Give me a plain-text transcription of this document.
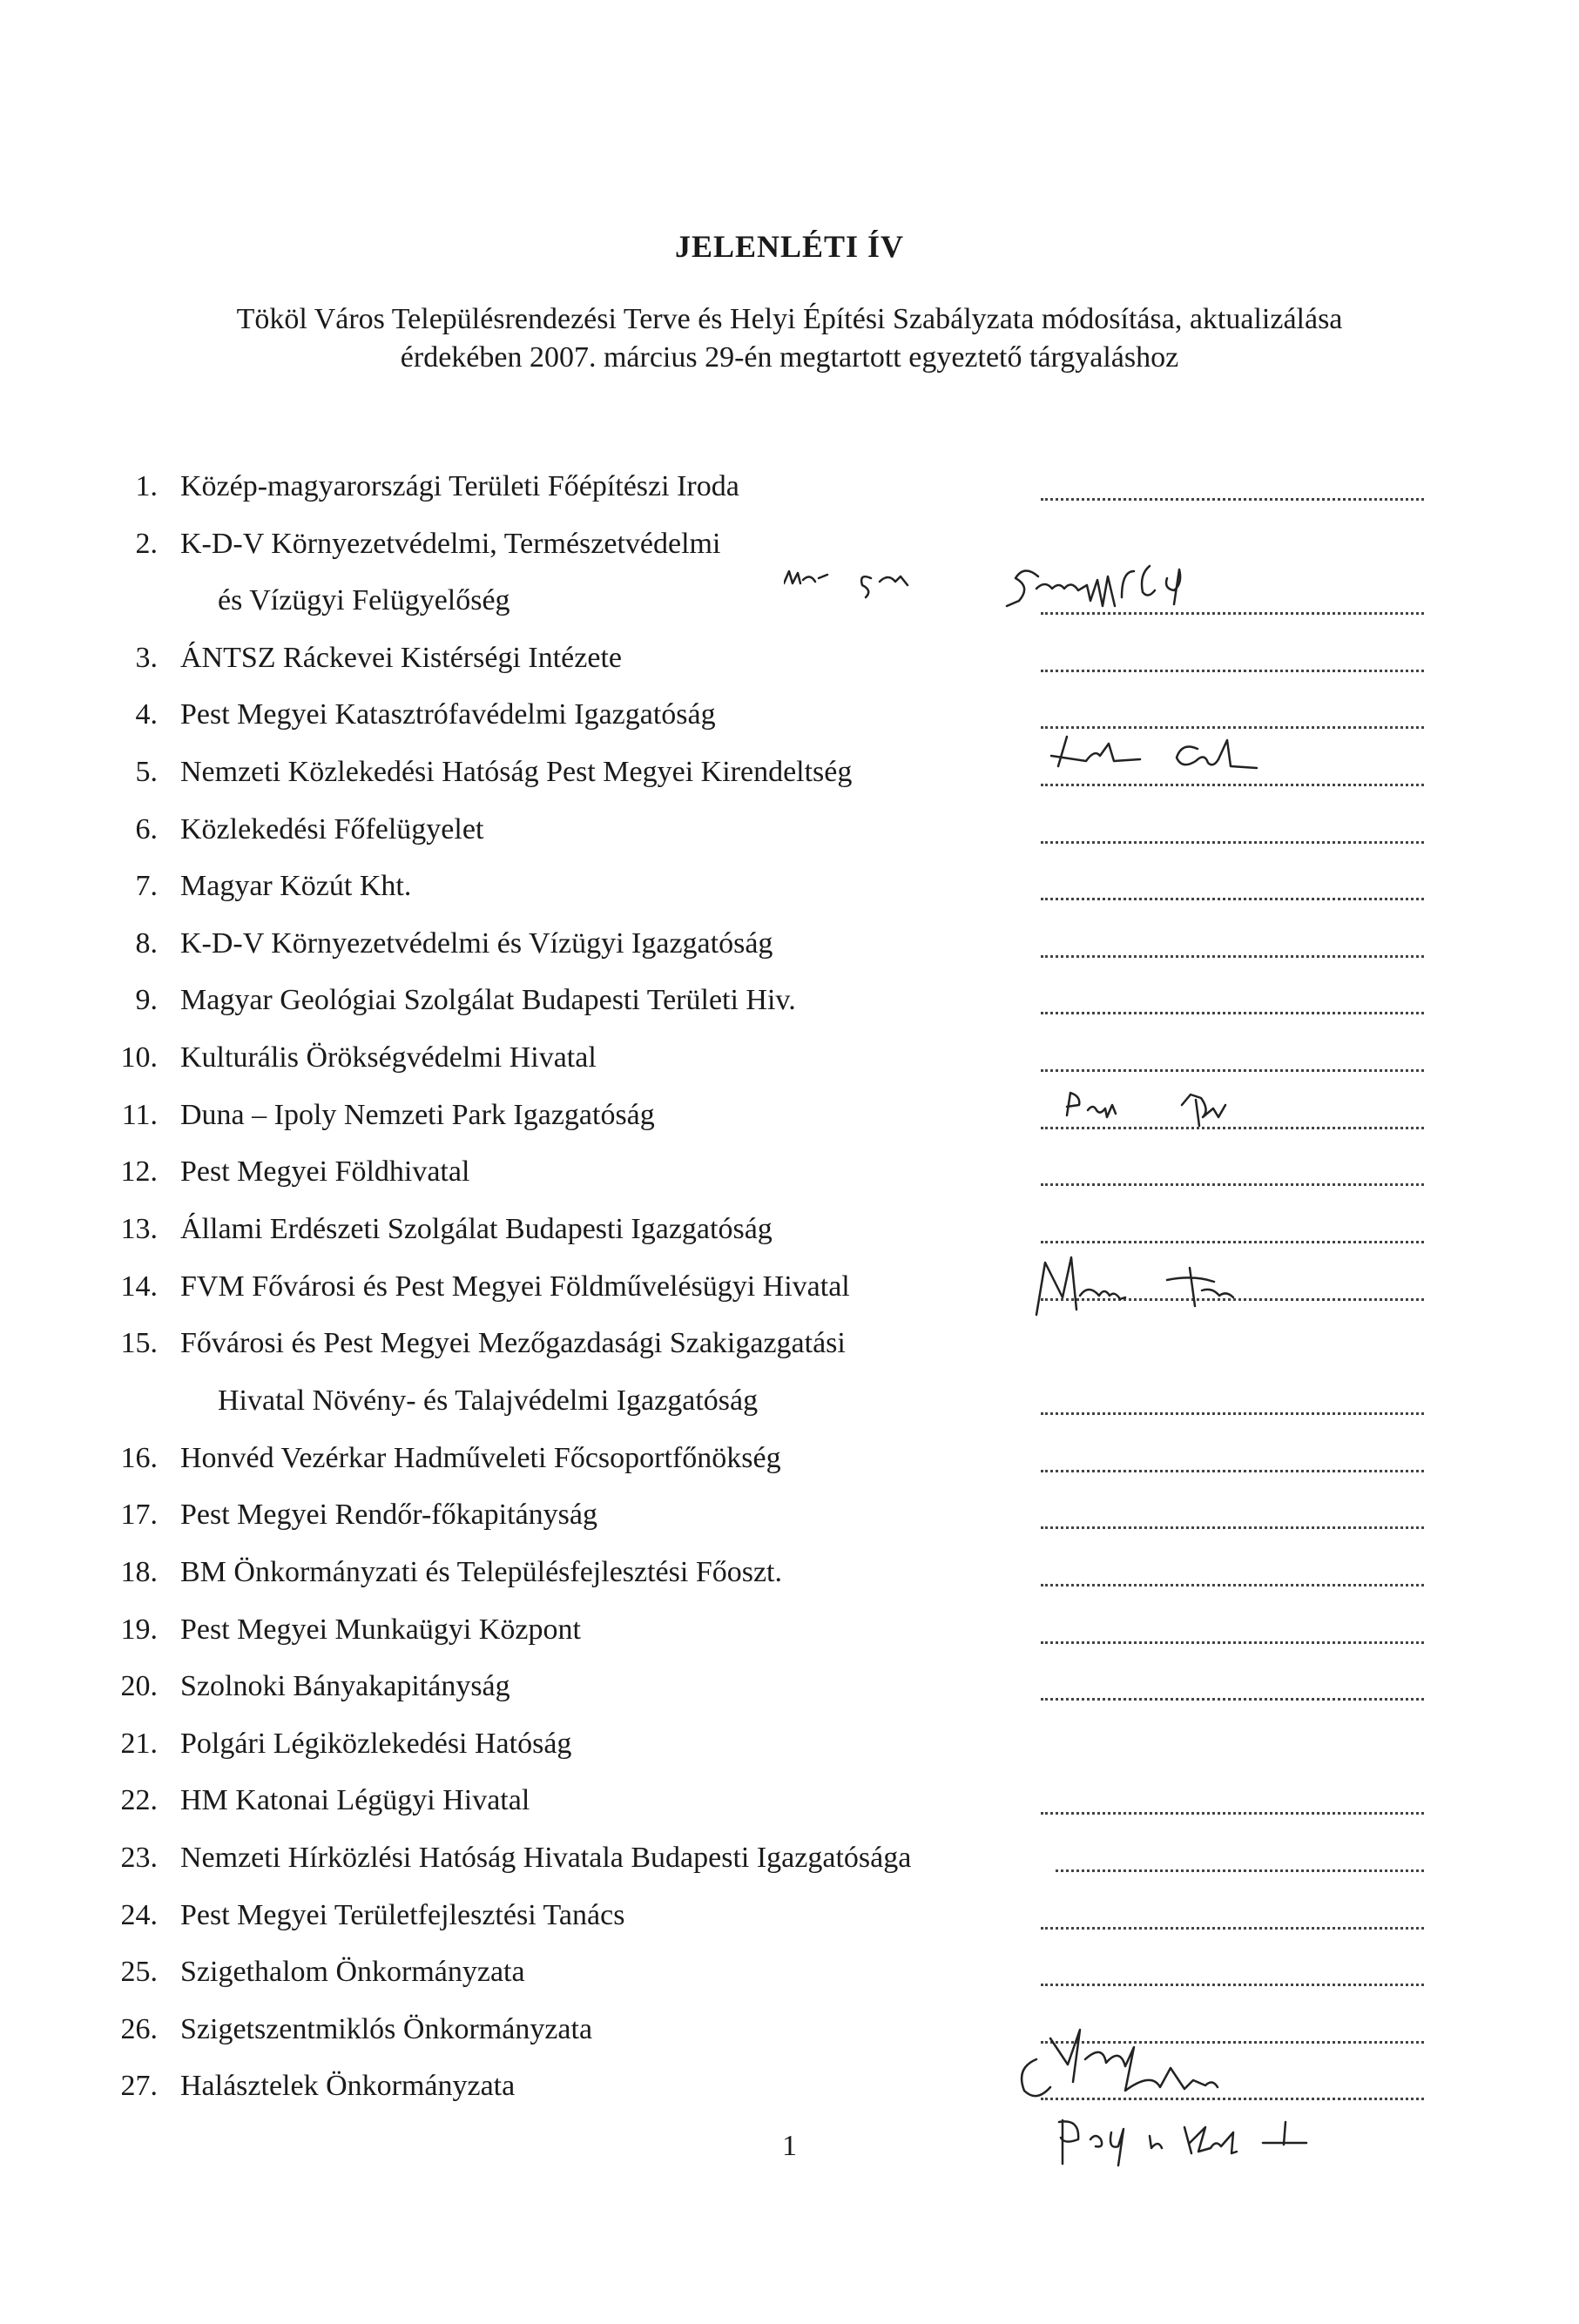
JELENLÉTI ÍV
Tököl Város Településrendezési Terve és Helyi Építési Szabályzata módosítása, aktualizálása
érdekében 2007. március 29-én megtartott egyeztető tárgyaláshoz
1. Közép-magyarországi Területi Főépítészi Iroda
2. K-D-V Környezetvédelmi, Természetvédelmi
és Vízügyi Felügyelőség
3. ÁNTSZ Ráckevei Kistérségi Intézete
4. Pest Megyei Katasztrófavédelmi Igazgatóság
5. Nemzeti Közlekedési Hatóság Pest Megyei Kirendeltség
6. Közlekedési Főfelügyelet
7. Magyar Közút Kht.
8. K-D-V Környezetvédelmi és Vízügyi Igazgatóság
9. Magyar Geológiai Szolgálat Budapesti Területi Hiv.
10. Kulturális Örökségvédelmi Hivatal
11. Duna – Ipoly Nemzeti Park Igazgatóság
12. Pest Megyei Földhivatal
13. Állami Erdészeti Szolgálat Budapesti Igazgatóság
14. FVM Fővárosi és Pest Megyei Földművelésügyi Hivatal
15. Fővárosi és Pest Megyei Mezőgazdasági Szakigazgatási
Hivatal Növény- és Talajvédelmi Igazgatóság
16. Honvéd Vezérkar Hadműveleti Főcsoportfőnökség
17. Pest Megyei Rendőr-főkapitányság
18. BM Önkormányzati és Településfejlesztési Főoszt.
19. Pest Megyei Munkaügyi Központ
20. Szolnoki Bányakapitányság
21. Polgári Légiközlekedési Hatóság
22. HM Katonai Légügyi Hivatal
23. Nemzeti Hírközlési Hatóság Hivatala Budapesti Igazgatósága
24. Pest Megyei Területfejlesztési Tanács
25. Szigethalom Önkormányzata
26. Szigetszentmiklós Önkormányzata
27. Halásztelek Önkormányzata
1
